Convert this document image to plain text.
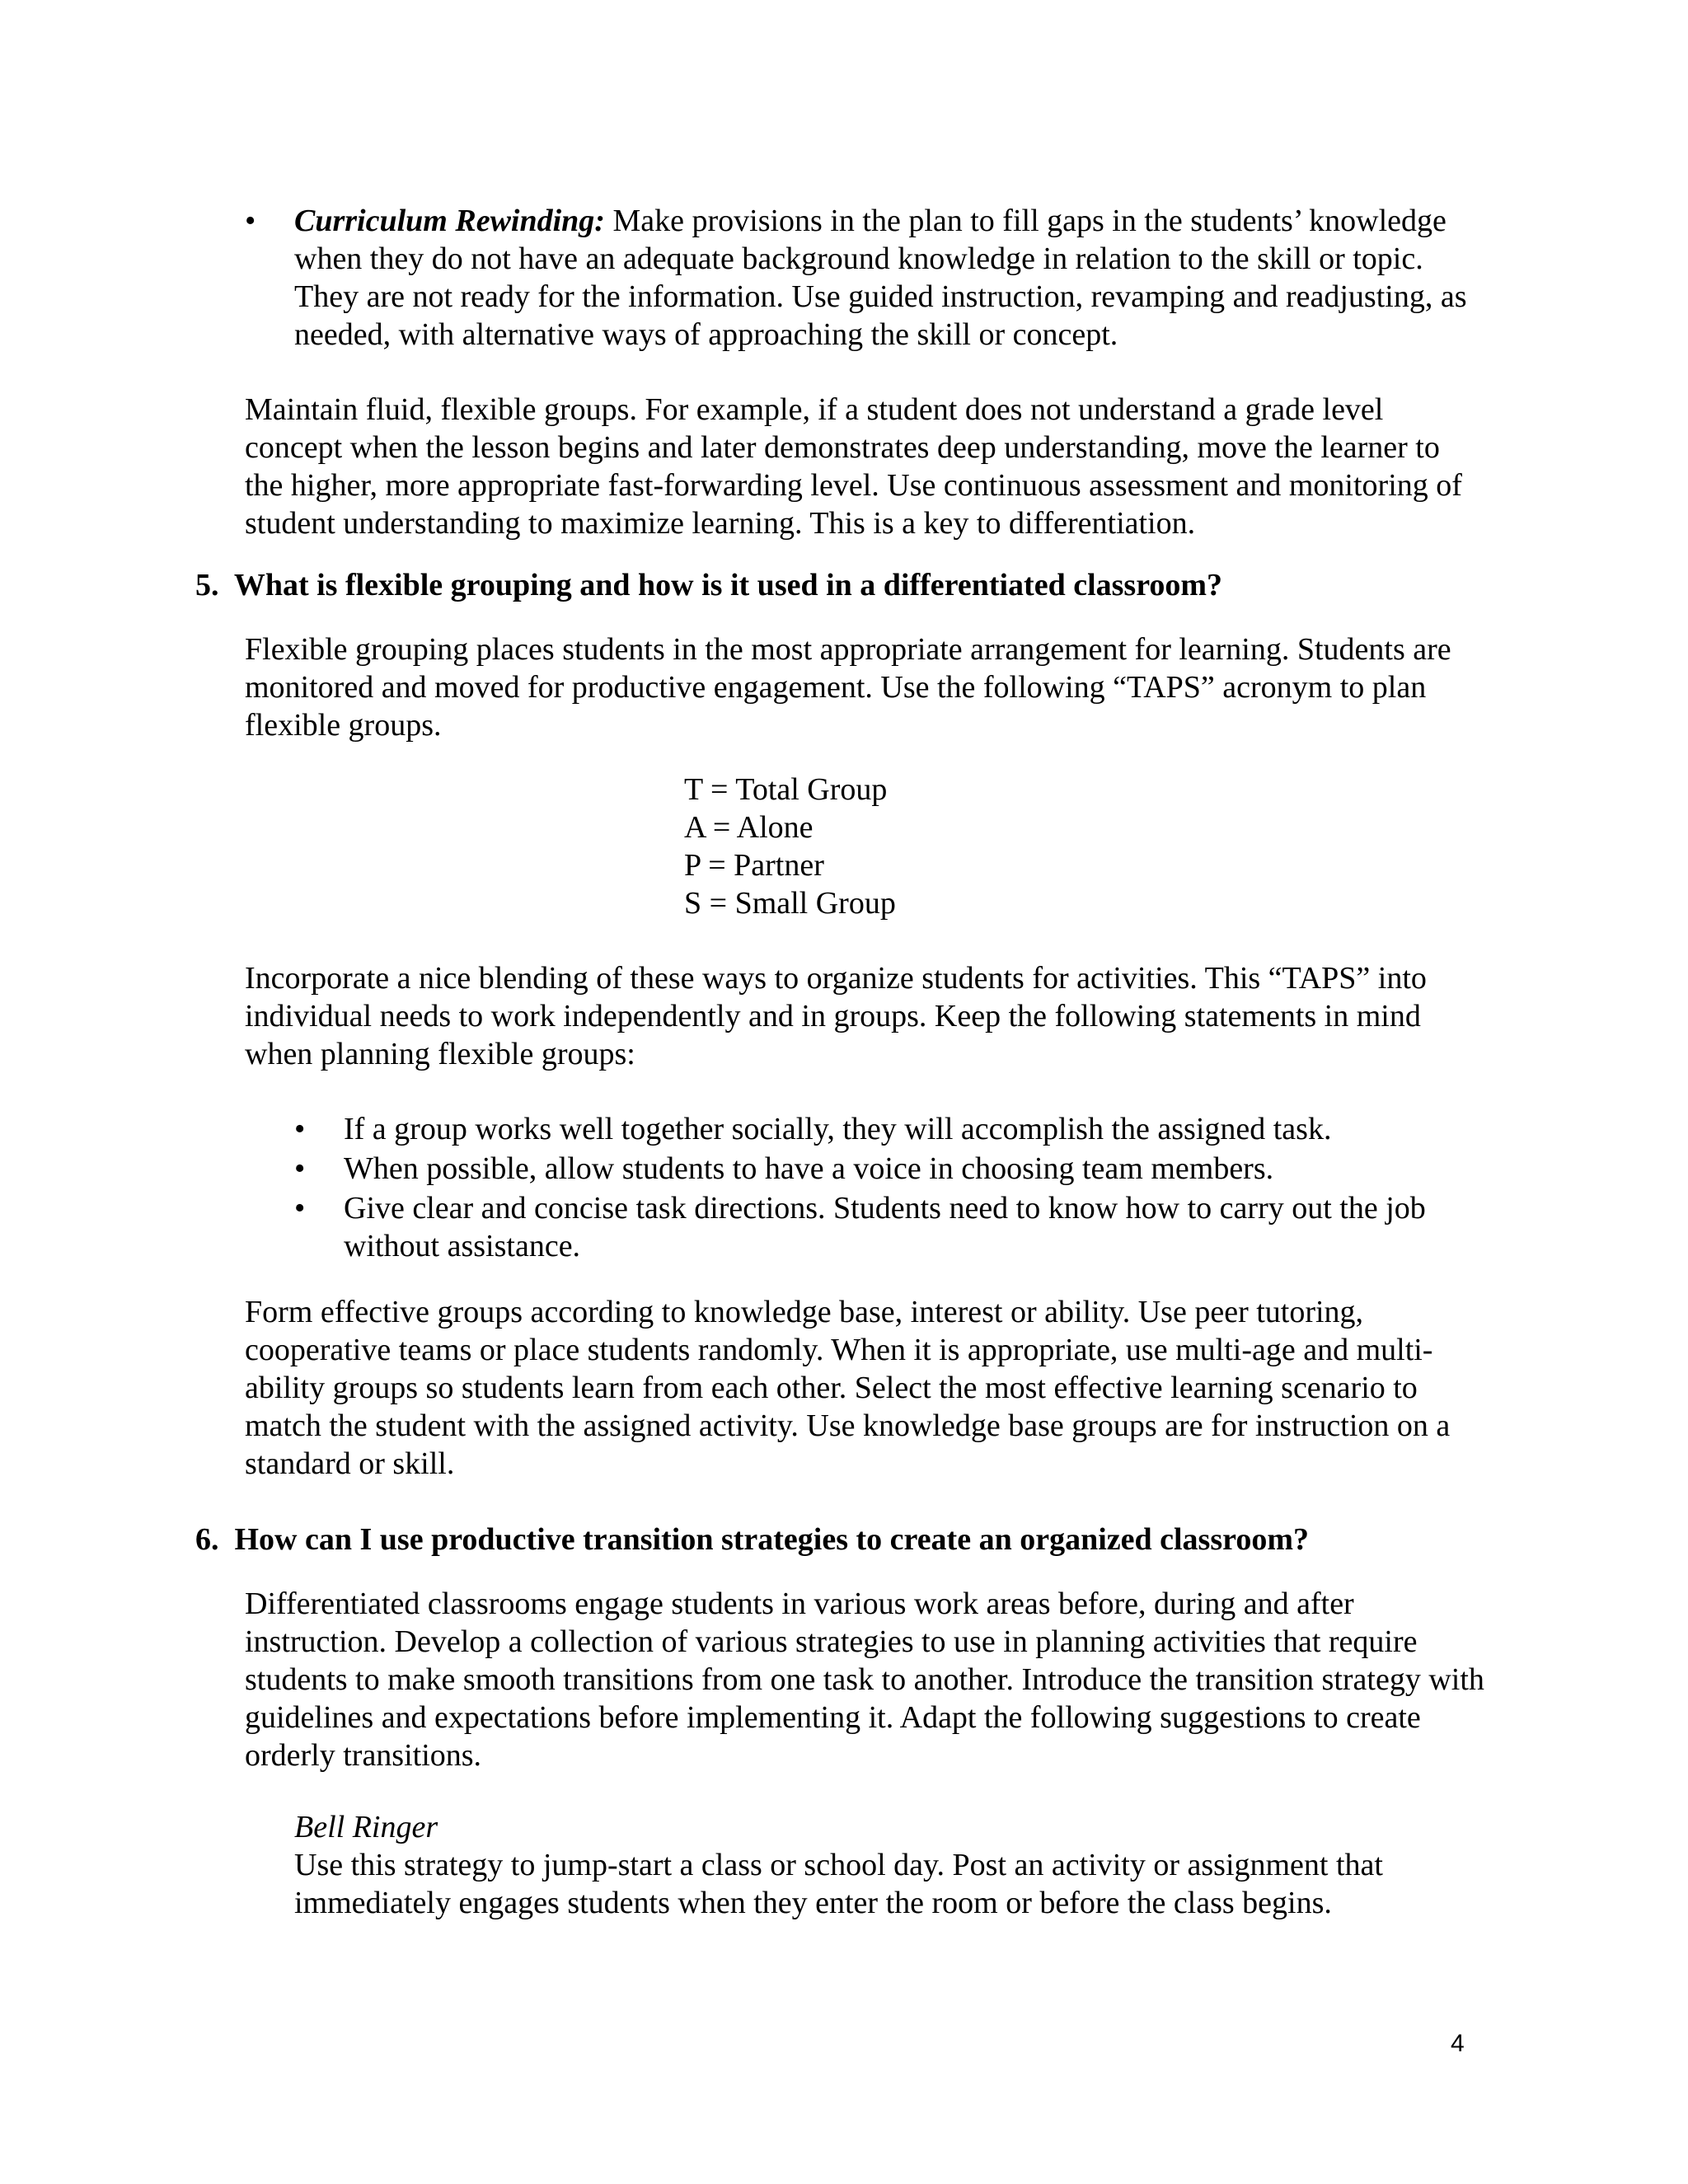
• Curriculum Rewinding: Make provisions in the plan to fill gaps in the students’ knowledge when they do not have an adequate background knowledge in relation to the skill or topic. They are not ready for the information. Use guided instruction, revamping and readjusting, as needed, with alternative ways of approaching the skill or concept.

Maintain fluid, flexible groups. For example, if a student does not understand a grade level concept when the lesson begins and later demonstrates deep understanding, move the learner to the higher, more appropriate fast-forwarding level. Use continuous assessment and monitoring of student understanding to maximize learning. This is a key to differentiation.

5.  What is flexible grouping and how is it used in a differentiated classroom?

Flexible grouping places students in the most appropriate arrangement for learning. Students are monitored and moved for productive engagement. Use the following “TAPS” acronym to plan flexible groups.

T = Total Group
A = Alone
P = Partner
S = Small Group

Incorporate a nice blending of these ways to organize students for activities. This “TAPS” into individual needs to work independently and in groups. Keep the following statements in mind when planning flexible groups:

• If a group works well together socially, they will accomplish the assigned task.
• When possible, allow students to have a voice in choosing team members.
• Give clear and concise task directions. Students need to know how to carry out the job without assistance.

Form effective groups according to knowledge base, interest or ability. Use peer tutoring, cooperative teams or place students randomly. When it is appropriate, use multi-age and multi-ability groups so students learn from each other. Select the most effective learning scenario to match the student with the assigned activity. Use knowledge base groups are for instruction on a standard or skill.

6.  How can I use productive transition strategies to create an organized classroom?

Differentiated classrooms engage students in various work areas before, during and after instruction. Develop a collection of various strategies to use in planning activities that require students to make smooth transitions from one task to another. Introduce the transition strategy with guidelines and expectations before implementing it. Adapt the following suggestions to create orderly transitions.

Bell Ringer
Use this strategy to jump-start a class or school day. Post an activity or assignment that immediately engages students when they enter the room or before the class begins.
4
